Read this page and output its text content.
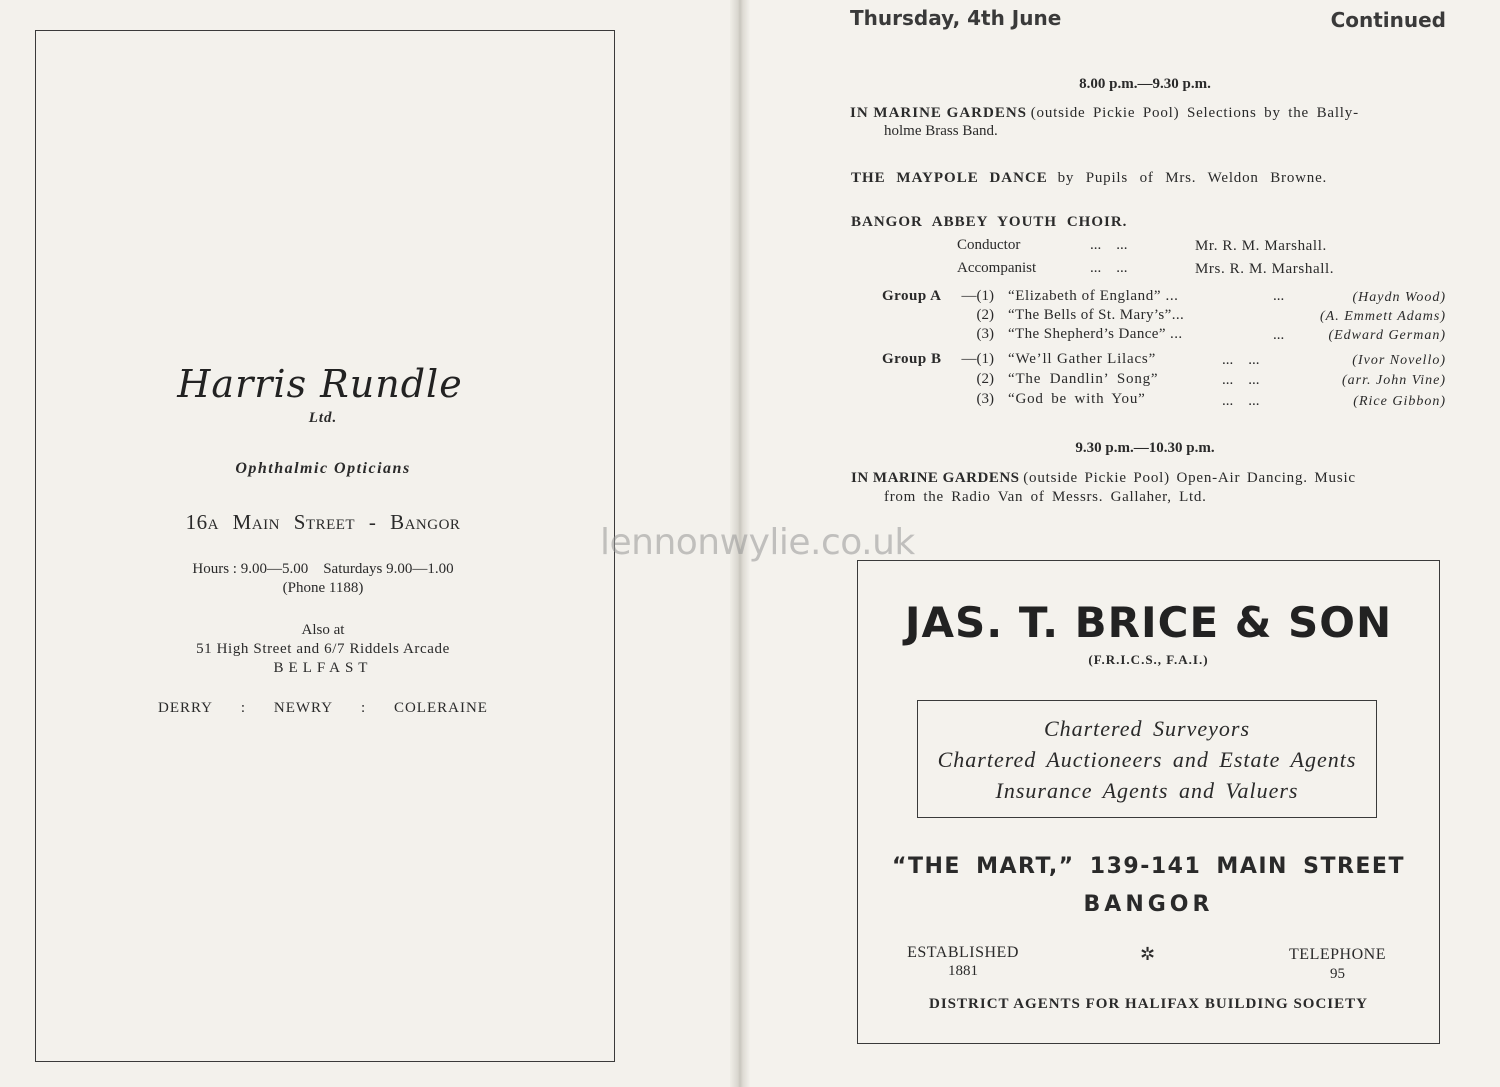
Harris Rundle
Ltd.
Ophthalmic Opticians
16a Main Street - Bangor
Hours : 9.00—5.00    Saturdays 9.00—1.00
(Phone 1188)
Also at
51 High Street and 6/7 Riddels Arcade
BELFAST
DERRY : NEWRY : COLERAINE
Thursday, 4th June	Continued
8.00 p.m.—9.30 p.m.
IN MARINE GARDENS (outside Pickie Pool) Selections by the Bally-
holme Brass Band.
THE MAYPOLE DANCE by Pupils of Mrs. Weldon Browne.
BANGOR ABBEY YOUTH CHOIR.
Conductor	...    ...	Mr. R. M. Marshall.
Accompanist	...    ...	Mrs. R. M. Marshall.
Group A —(1) “Elizabeth of England” ...	...	(Haydn Wood)
(2) “The Bells of St. Mary’s”...	(A. Emmett Adams)
(3) “The Shepherd’s Dance” ...	...	(Edward German)
Group B —(1) “We’ll Gather Lilacs”	...    ...	(Ivor Novello)
(2) “The Dandlin’ Song”	...    ...	(arr. John Vine)
(3) “God be with You”	...    ...	(Rice Gibbon)
9.30 p.m.—10.30 p.m.
IN MARINE GARDENS (outside Pickie Pool) Open-Air Dancing. Music
from the Radio Van of Messrs. Gallaher, Ltd.
JAS. T. BRICE & SON
(F.R.I.C.S., F.A.I.)
Chartered Surveyors
Chartered Auctioneers and Estate Agents
Insurance Agents and Valuers
“THE MART,” 139-141 MAIN STREET
BANGOR
ESTABLISHED
1881
✲	TELEPHONE
95
DISTRICT AGENTS FOR HALIFAX BUILDING SOCIETY
lennonwylie.co.uk
